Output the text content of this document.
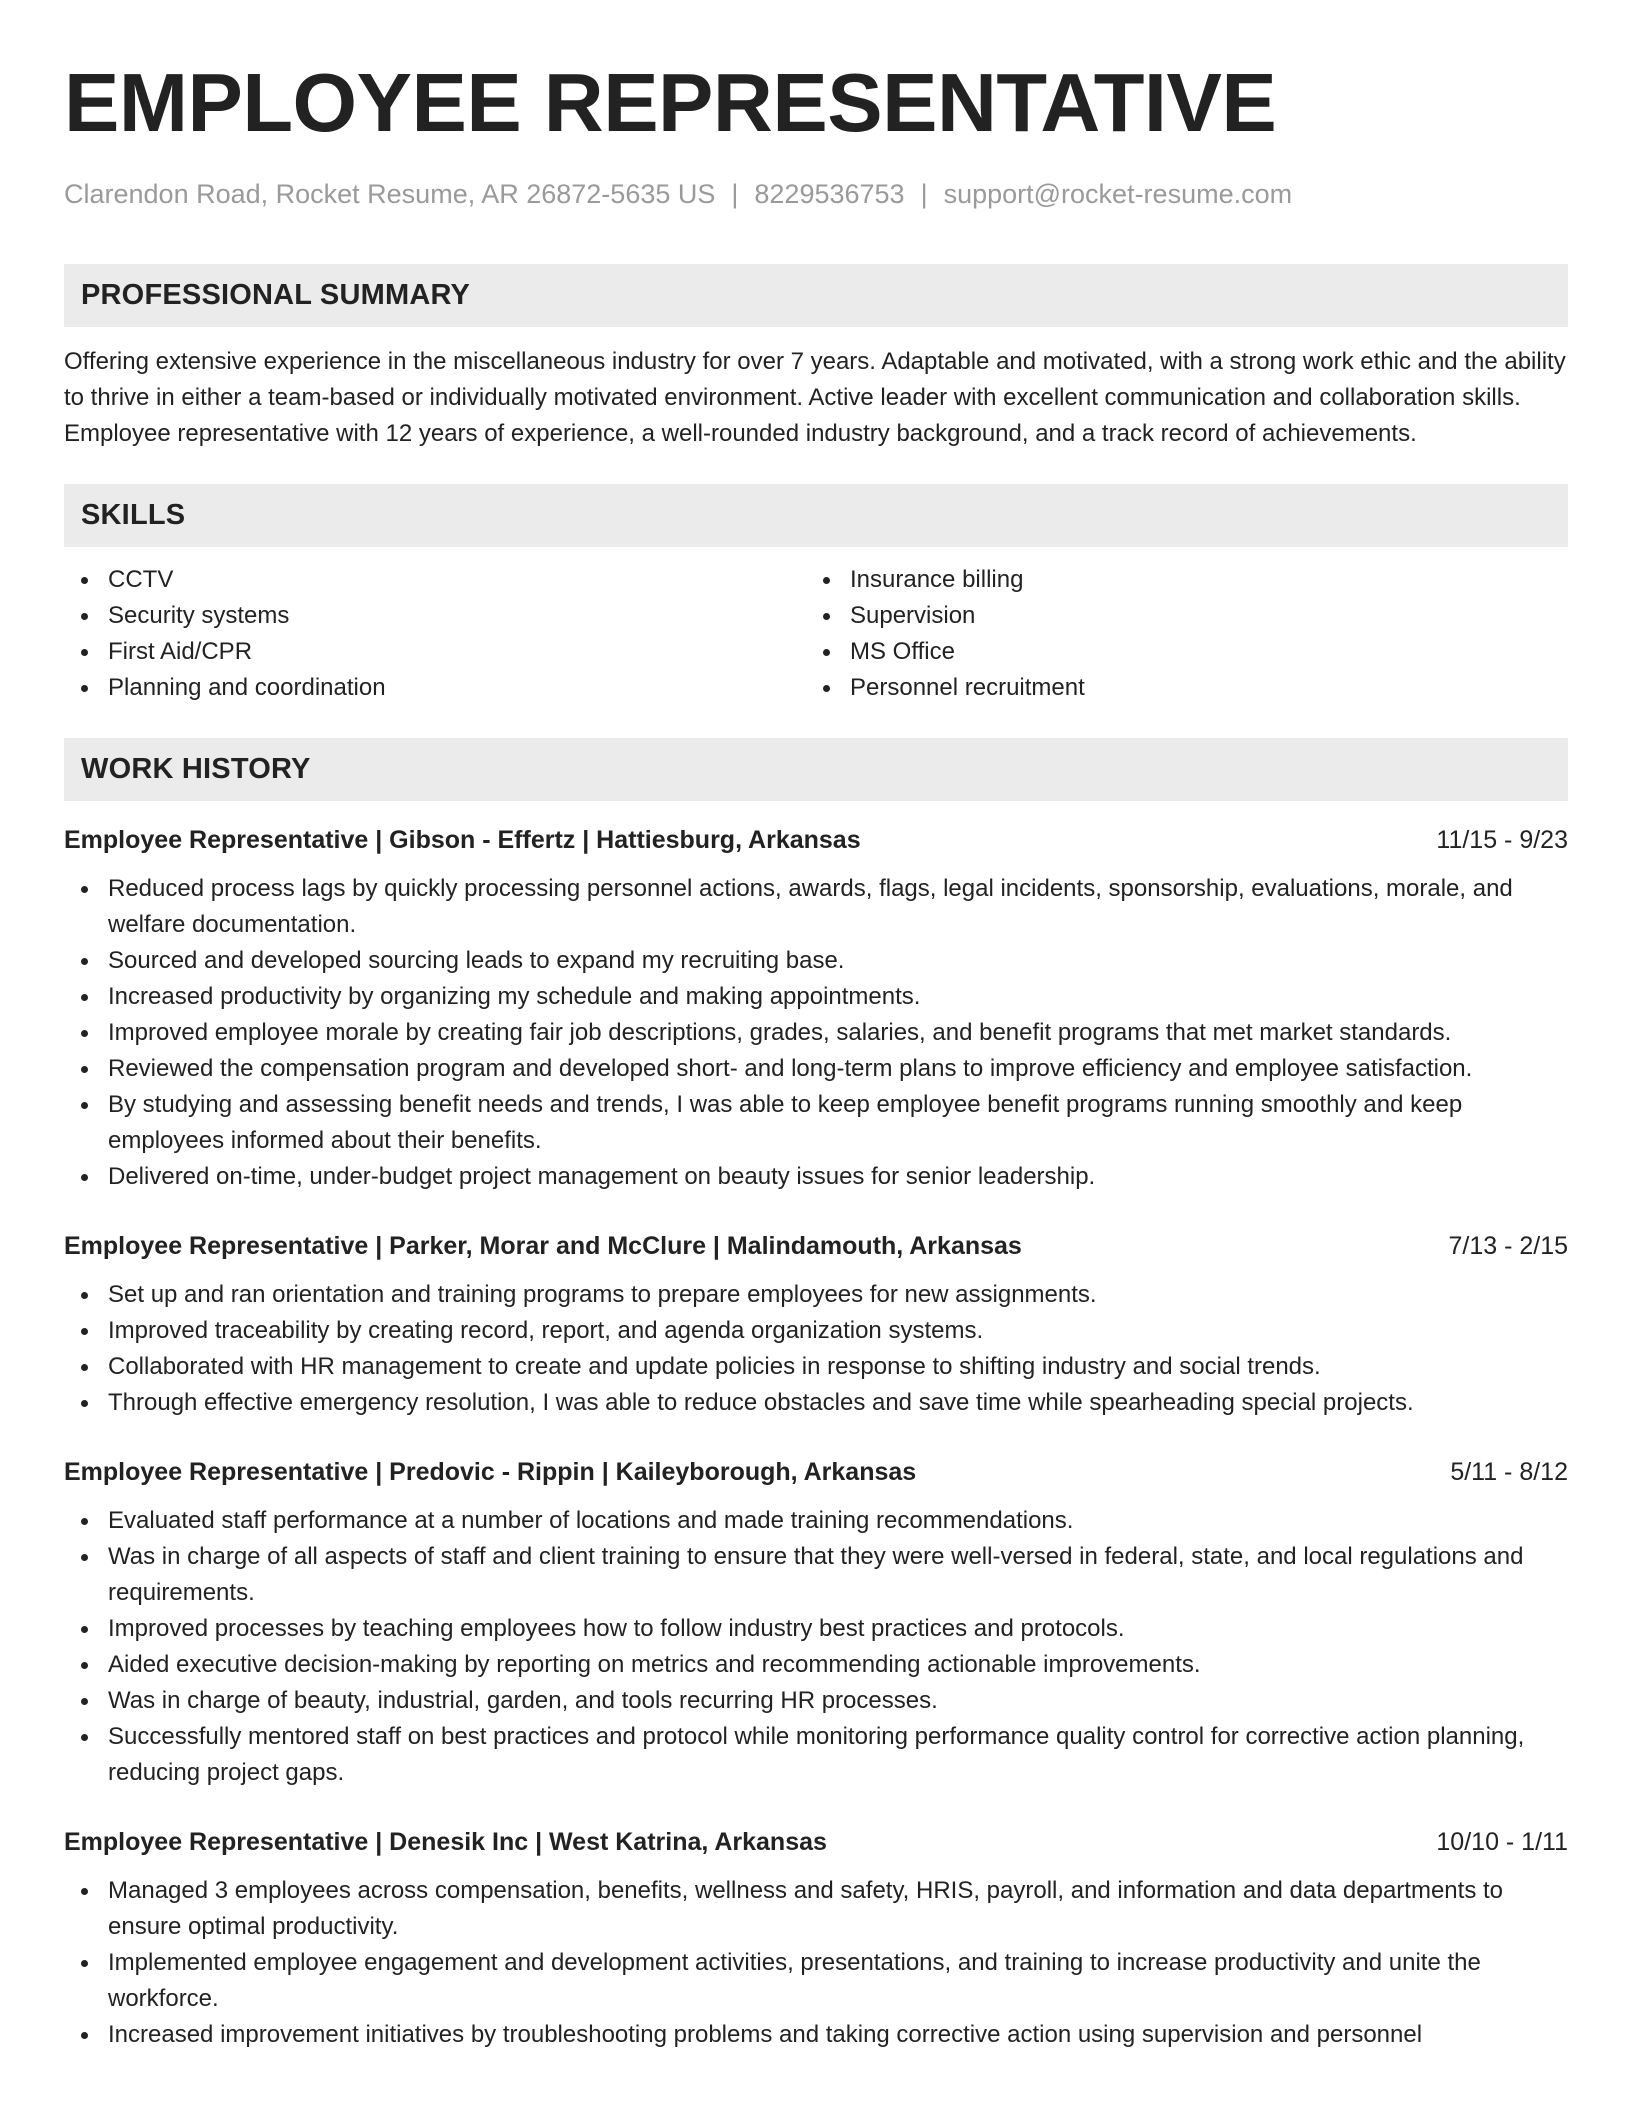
EMPLOYEE REPRESENTATIVE
Clarendon Road, Rocket Resume, AR 26872-5635 US | 8229536753 | support@rocket-resume.com
PROFESSIONAL SUMMARY
Offering extensive experience in the miscellaneous industry for over 7 years. Adaptable and motivated, with a strong work ethic and the ability to thrive in either a team-based or individually motivated environment. Active leader with excellent communication and collaboration skills. Employee representative with 12 years of experience, a well-rounded industry background, and a track record of achievements.
SKILLS
CCTV
Security systems
First Aid/CPR
Planning and coordination
Insurance billing
Supervision
MS Office
Personnel recruitment
WORK HISTORY
Employee Representative | Gibson - Effertz | Hattiesburg, Arkansas	11/15 - 9/23
Reduced process lags by quickly processing personnel actions, awards, flags, legal incidents, sponsorship, evaluations, morale, and welfare documentation.
Sourced and developed sourcing leads to expand my recruiting base.
Increased productivity by organizing my schedule and making appointments.
Improved employee morale by creating fair job descriptions, grades, salaries, and benefit programs that met market standards.
Reviewed the compensation program and developed short- and long-term plans to improve efficiency and employee satisfaction.
By studying and assessing benefit needs and trends, I was able to keep employee benefit programs running smoothly and keep employees informed about their benefits.
Delivered on-time, under-budget project management on beauty issues for senior leadership.
Employee Representative | Parker, Morar and McClure | Malindamouth, Arkansas	7/13 - 2/15
Set up and ran orientation and training programs to prepare employees for new assignments.
Improved traceability by creating record, report, and agenda organization systems.
Collaborated with HR management to create and update policies in response to shifting industry and social trends.
Through effective emergency resolution, I was able to reduce obstacles and save time while spearheading special projects.
Employee Representative | Predovic - Rippin | Kaileyborough, Arkansas	5/11 - 8/12
Evaluated staff performance at a number of locations and made training recommendations.
Was in charge of all aspects of staff and client training to ensure that they were well-versed in federal, state, and local regulations and requirements.
Improved processes by teaching employees how to follow industry best practices and protocols.
Aided executive decision-making by reporting on metrics and recommending actionable improvements.
Was in charge of beauty, industrial, garden, and tools recurring HR processes.
Successfully mentored staff on best practices and protocol while monitoring performance quality control for corrective action planning, reducing project gaps.
Employee Representative | Denesik Inc | West Katrina, Arkansas	10/10 - 1/11
Managed 3 employees across compensation, benefits, wellness and safety, HRIS, payroll, and information and data departments to ensure optimal productivity.
Implemented employee engagement and development activities, presentations, and training to increase productivity and unite the workforce.
Increased improvement initiatives by troubleshooting problems and taking corrective action using supervision and personnel
